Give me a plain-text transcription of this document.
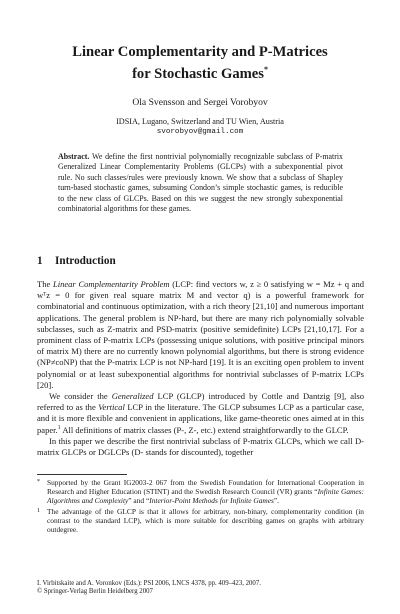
Linear Complementarity and P-Matrices
for Stochastic Games*
Ola Svensson and Sergei Vorobyov
IDSIA, Lugano, Switzerland and TU Wien, Austria
svorobyov@gmail.com
Abstract. We define the first nontrivial polynomially recognizable subclass of P-matrix Generalized Linear Complementarity Problems (GLCPs) with a subexponential pivot rule. No such classes/rules were previously known. We show that a subclass of Shapley turn-based stochastic games, subsuming Condon’s simple stochastic games, is reducible to the new class of GLCPs. Based on this we suggest the new strongly subexponential combinatorial algorithms for these games.
1 Introduction

The Linear Complementarity Problem (LCP: find vectors w, z ≥ 0 satisfying w = Mz + q and wᵀz = 0 for given real square matrix M and vector q) is a powerful framework for combinatorial and continuous optimization, with a rich theory [21,10] and numerous important applications. The general problem is NP-hard, but there are many rich polynomially solvable subclasses, such as Z-matrix and PSD-matrix (positive semidefinite) LCPs [21,10,17]. For a prominent class of P-matrix LCPs (possessing unique solutions, with positive principal minors of matrix M) there are no currently known polynomial algorithms, but there is strong evidence (NP≠coNP) that the P-matrix LCP is not NP-hard [19]. It is an exciting open problem to invent polynomial or at least subexponential algorithms for nontrivial subclasses of P-matrix LCPs [20].

We consider the Generalized LCP (GLCP) introduced by Cottle and Dantzig [9], also referred to as the Vertical LCP in the literature. The GLCP subsumes LCP as a particular case, and it is more flexible and convenient in applications, like game-theoretic ones aimed at in this paper.$^1$ All definitions of matrix classes (P-, Z-, etc.) extend straightforwardly to the GLCP.

In this paper we describe the first nontrivial subclass of P-matrix GLCPs, which we call D-matrix GLCPs or DGLCPs (D- stands for discounted), together

* Supported by the Grant IG2003-2 067 from the Swedish Foundation for International Cooperation in Research and Higher Education (STINT) and the Swedish Research Council (VR) grants “Infinite Games: Algorithms and Complexity” and “Interior-Point Methods for Infinite Games”.
1 The advantage of the GLCP is that it allows for arbitrary, non-binary, complementarity condition (in contrast to the standard LCP), which is more suitable for describing games on graphs with arbitrary outdegree.
I. Virbitskaite and A. Voronkov (Eds.): PSI 2006, LNCS 4378, pp. 409–423, 2007.
© Springer-Verlag Berlin Heidelberg 2007
